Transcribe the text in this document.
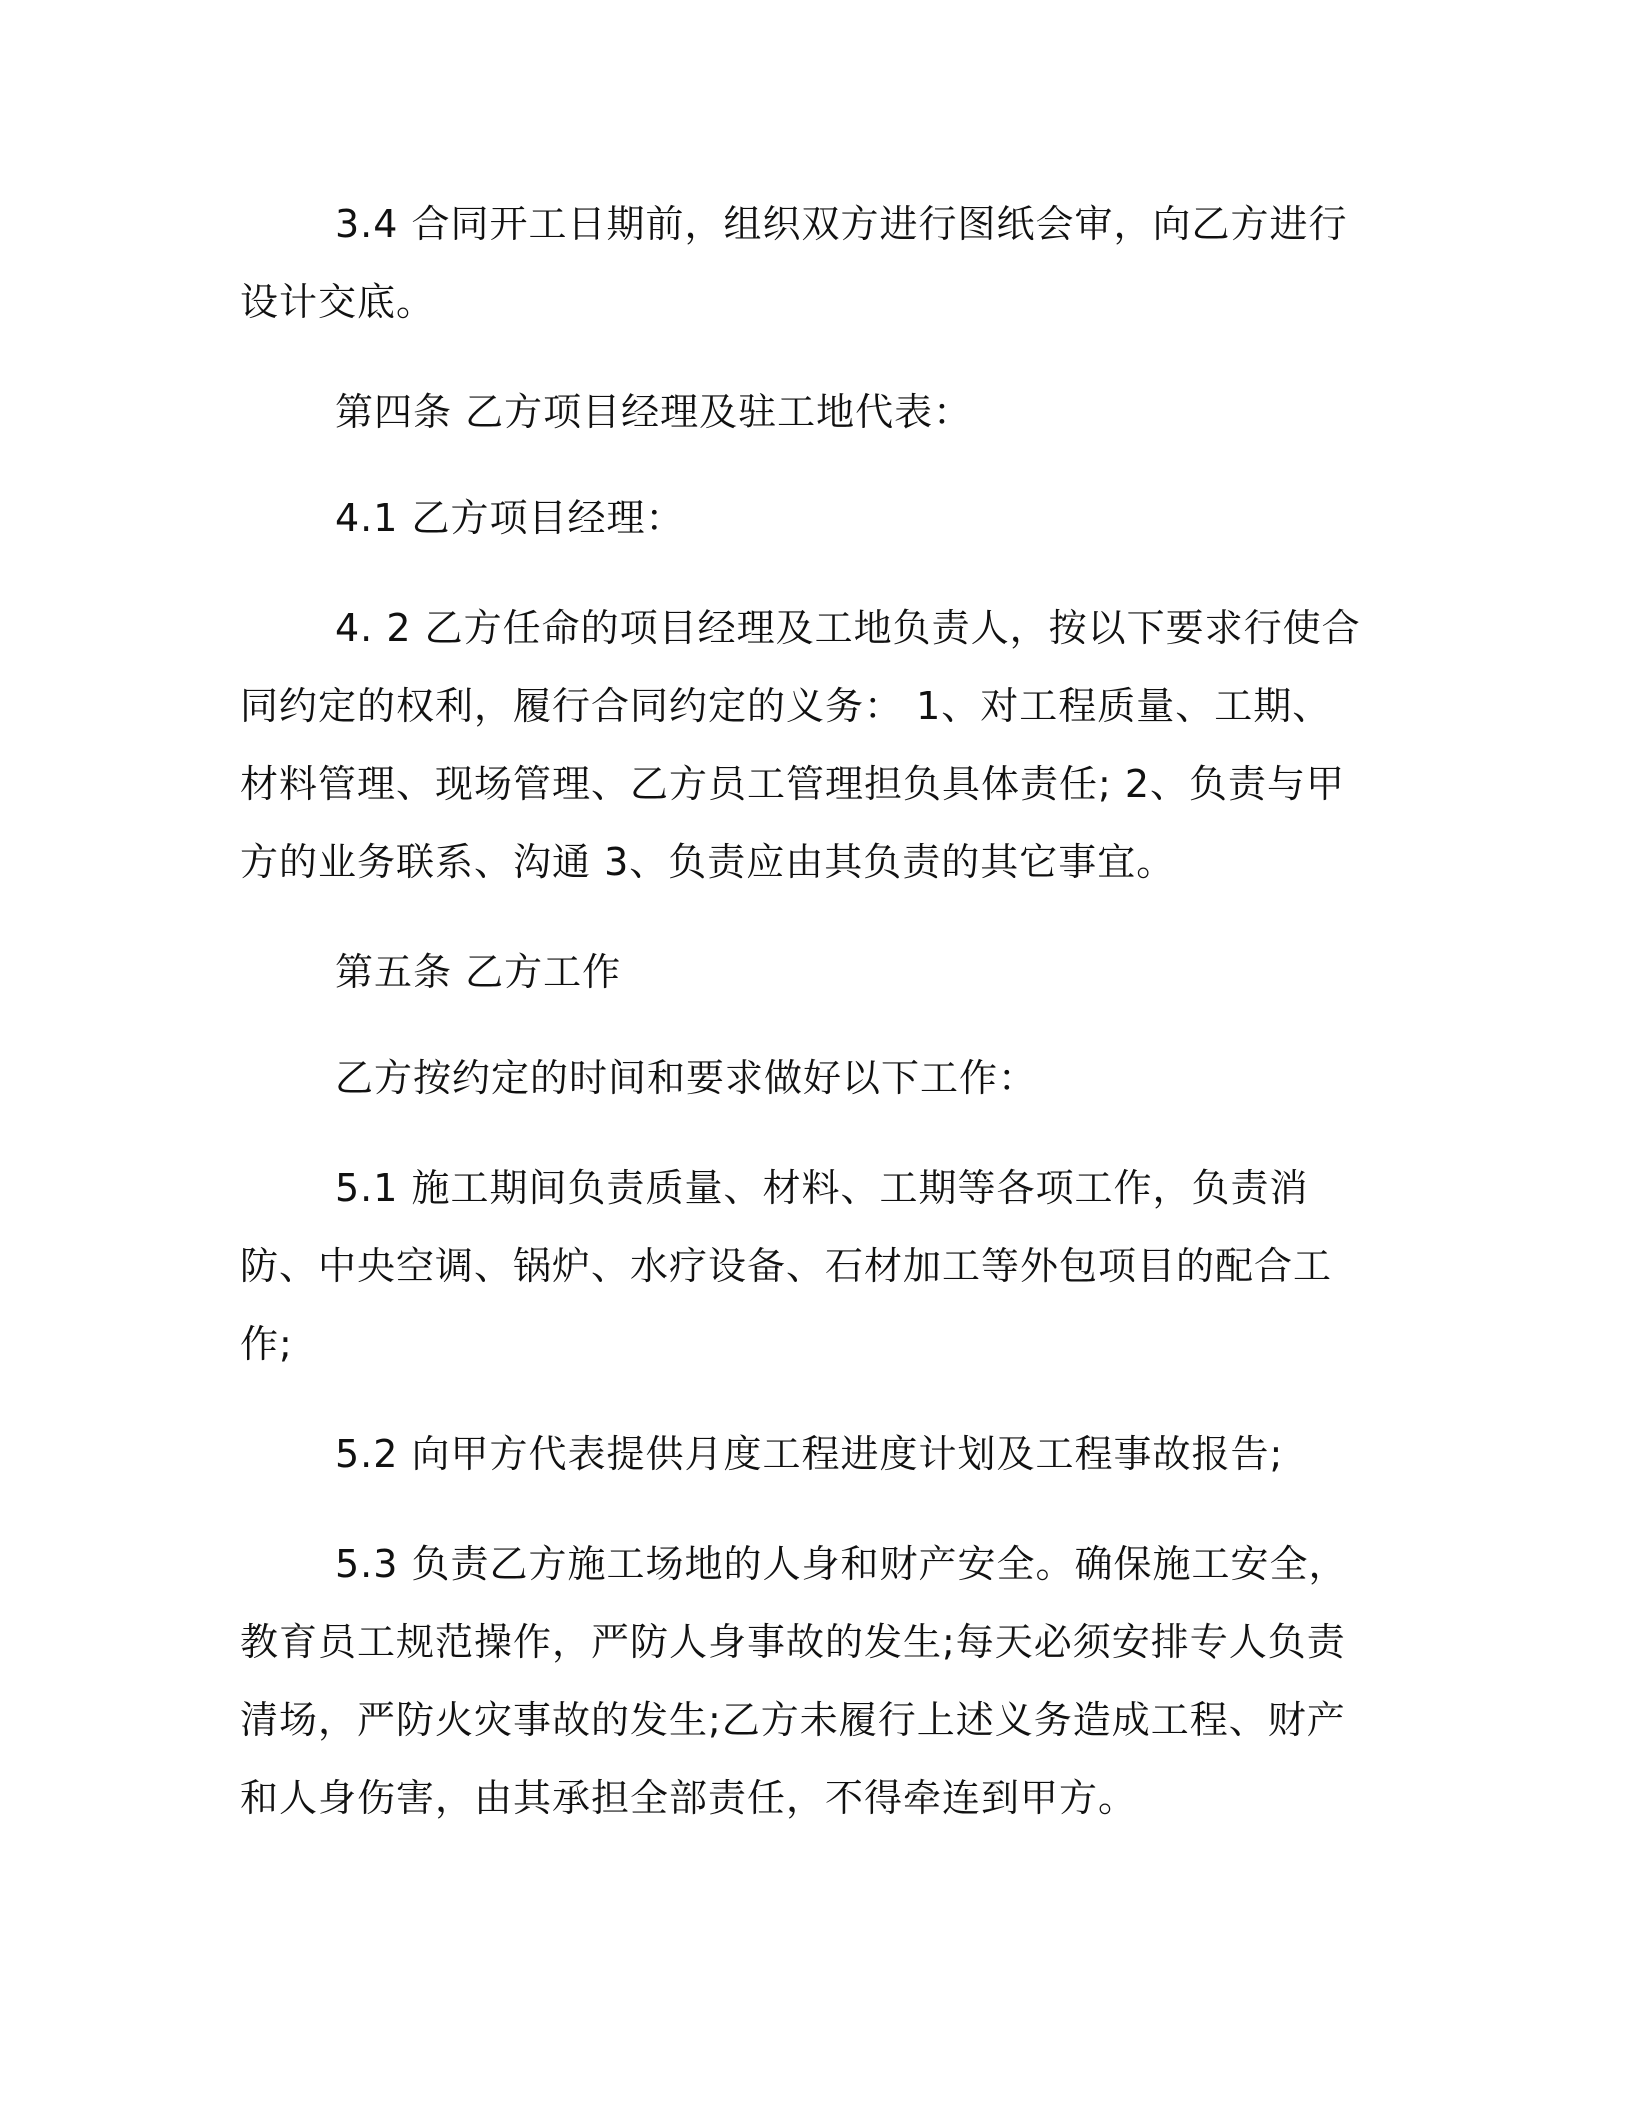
3.4 合同开工日期前，组织双方进行图纸会审，向乙方进行设计交底。

第四条 乙方项目经理及驻工地代表：

4.1 乙方项目经理：

4. 2 乙方任命的项目经理及工地负责人，按以下要求行使合同约定的权利，履行合同约定的义务： 1、对工程质量、工期、材料管理、现场管理、乙方员工管理担负具体责任; 2、负责与甲方的业务联系、沟通 3、负责应由其负责的其它事宜。

第五条 乙方工作

乙方按约定的时间和要求做好以下工作：

5.1 施工期间负责质量、材料、工期等各项工作，负责消防、中央空调、锅炉、水疗设备、石材加工等外包项目的配合工作;

5.2 向甲方代表提供月度工程进度计划及工程事故报告;

5.3 负责乙方施工场地的人身和财产安全。确保施工安全，教育员工规范操作，严防人身事故的发生;每天必须安排专人负责清场，严防火灾事故的发生;乙方未履行上述义务造成工程、财产和人身伤害，由其承担全部责任，不得牵连到甲方。
